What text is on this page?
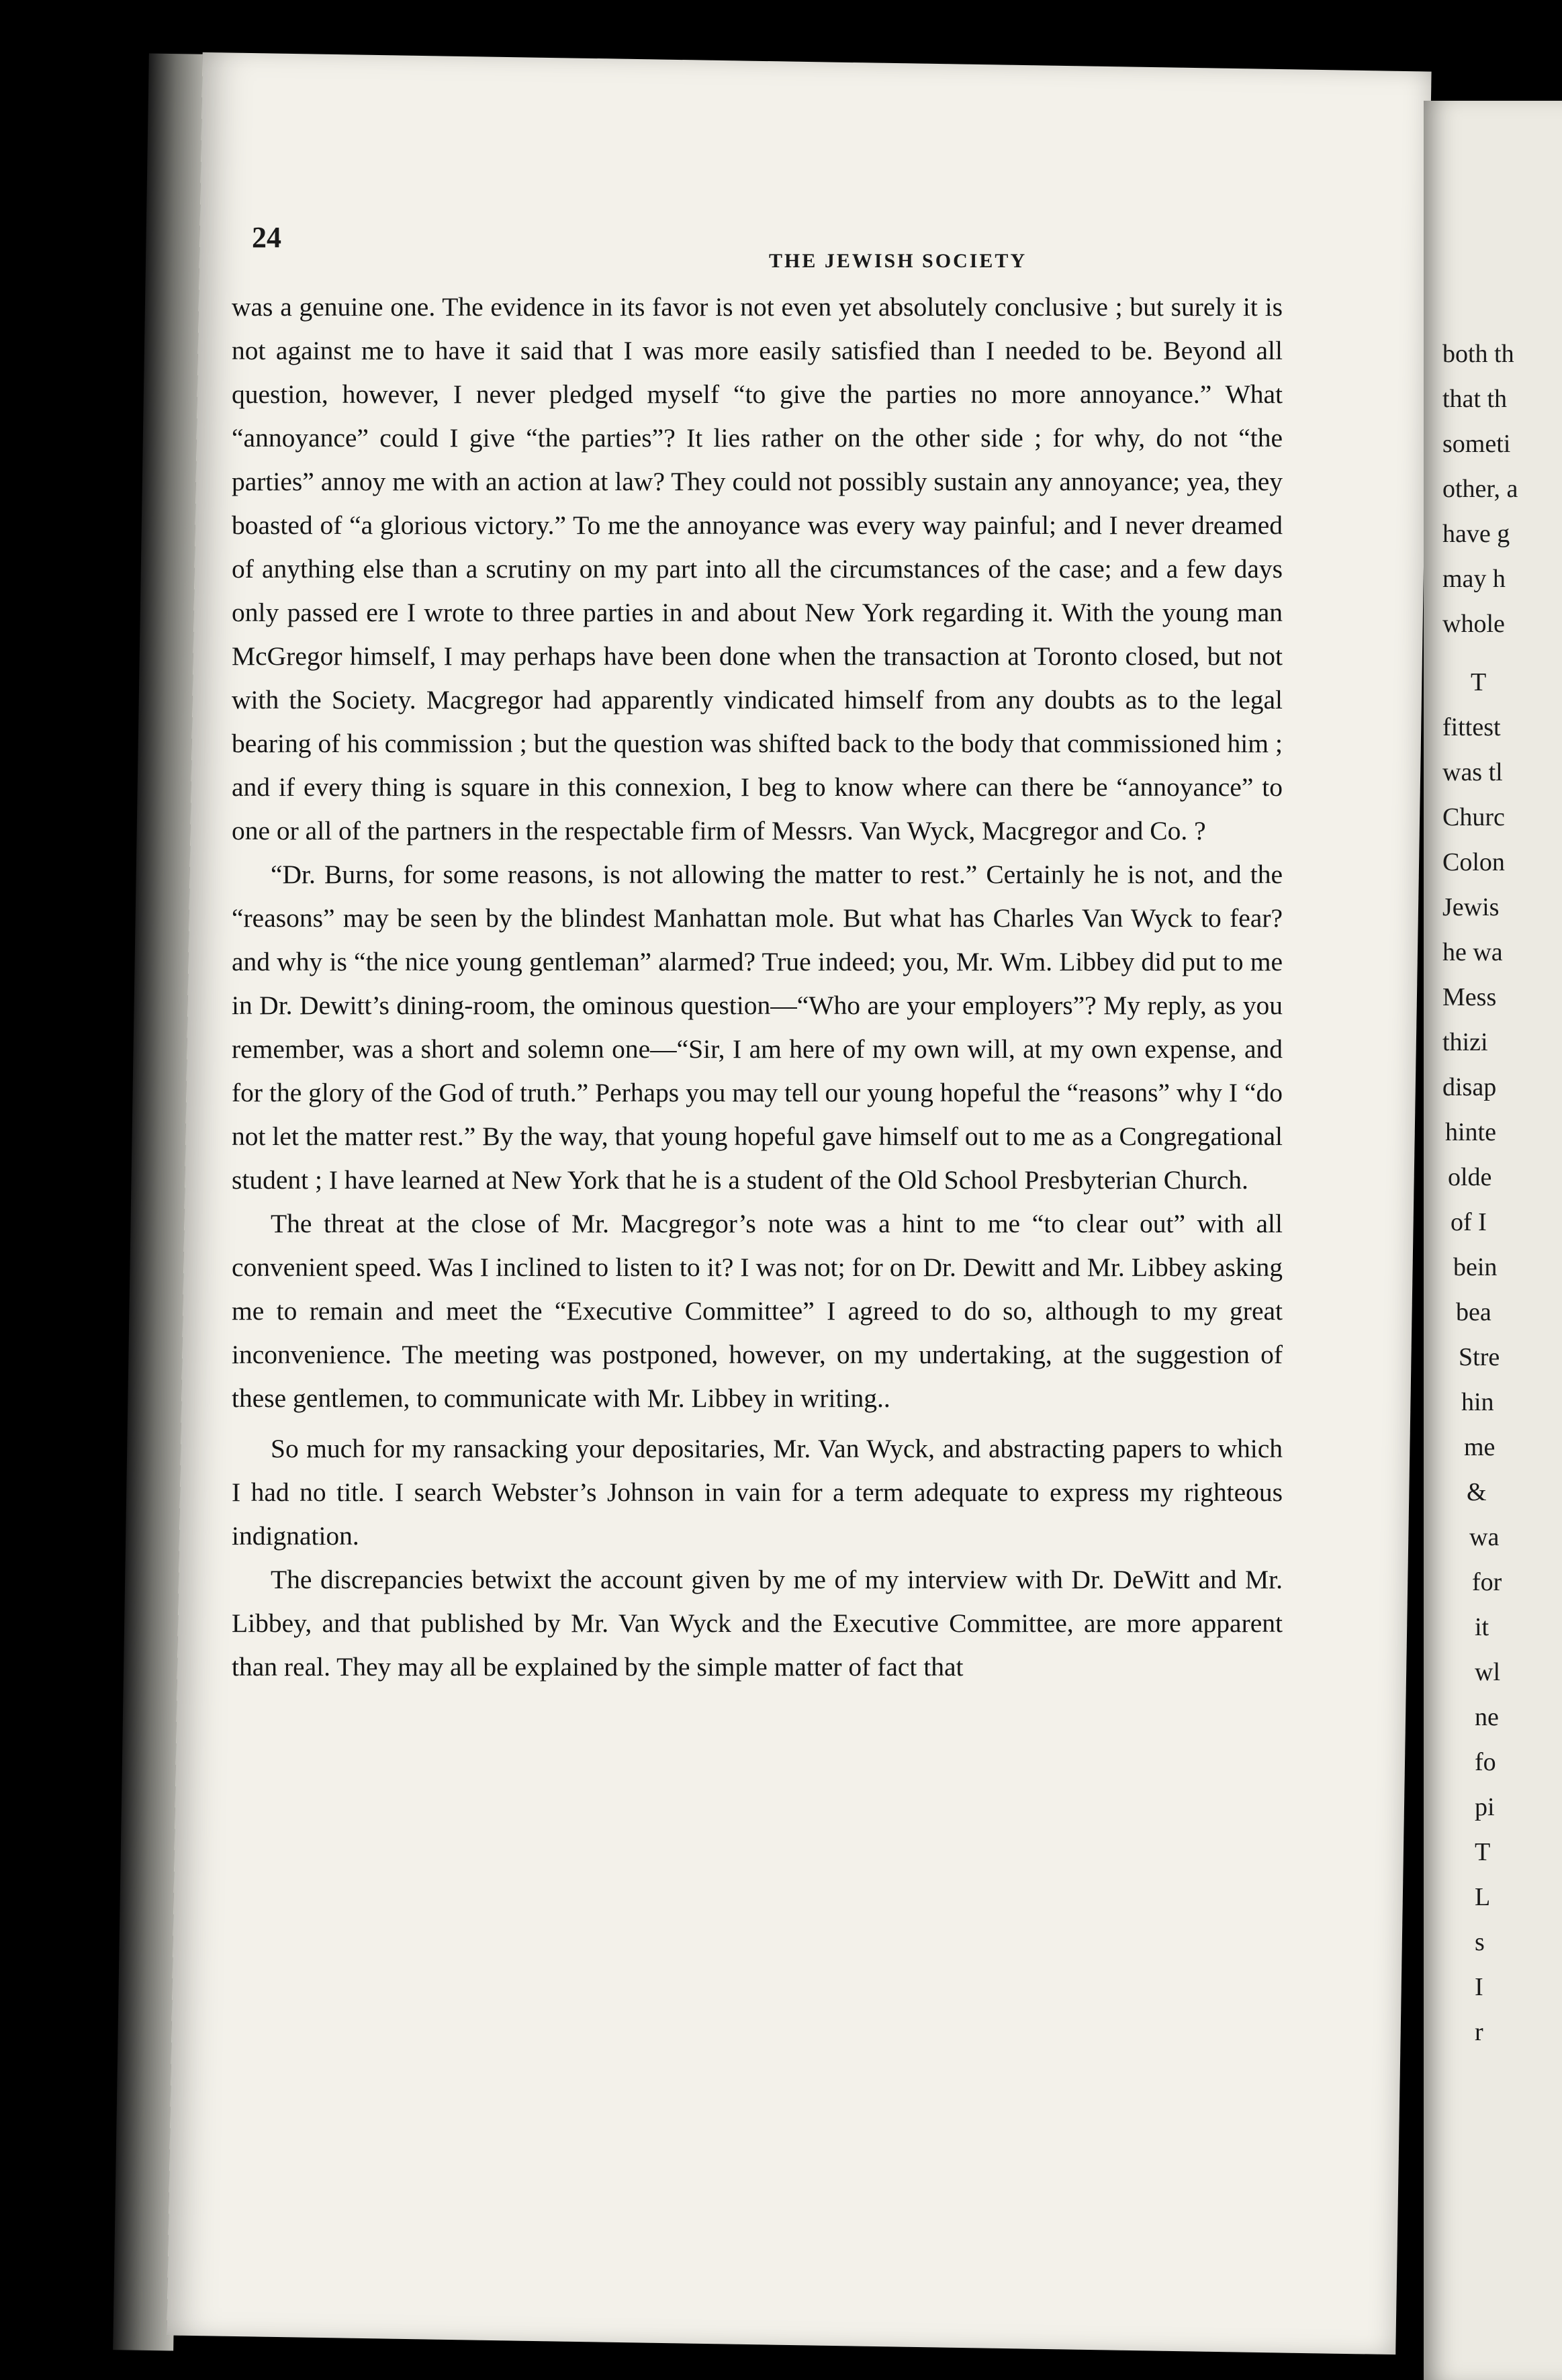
24
THE JEWISH SOCIETY

was a genuine one. The evidence in its favor is not even yet absolutely conclusive ; but surely it is not against me to have it said that I was more easily satisfied than I needed to be. Beyond all question, however, I never pledged myself “to give the parties no more annoyance.” What “annoyance” could I give “the parties”? It lies rather on the other side ; for why, do not “the parties” annoy me with an action at law? They could not possibly sustain any annoyance; yea, they boasted of “a glorious victory.” To me the annoyance was every way painful; and I never dreamed of anything else than a scrutiny on my part into all the circumstances of the case; and a few days only passed ere I wrote to three parties in and about New York regarding it. With the young man McGregor himself, I may perhaps have been done when the transaction at Toronto closed, but not with the Society. Macgregor had apparently vindicated himself from any doubts as to the legal bearing of his commission ; but the question was shifted back to the body that commissioned him ; and if every thing is square in this connexion, I beg to know where can there be “annoyance” to one or all of the partners in the respectable firm of Messrs. Van Wyck, Macgregor and Co. ?

“Dr. Burns, for some reasons, is not allowing the matter to rest.” Certainly he is not, and the “reasons” may be seen by the blindest Manhattan mole. But what has Charles Van Wyck to fear? and why is “the nice young gentleman” alarmed? True indeed; you, Mr. Wm. Libbey did put to me in Dr. Dewitt’s dining-room, the ominous question—“Who are your employers”? My reply, as you remember, was a short and solemn one—“Sir, I am here of my own will, at my own expense, and for the glory of the God of truth.” Perhaps you may tell our young hopeful the “reasons” why I “do not let the matter rest.” By the way, that young hopeful gave himself out to me as a Congregational student ; I have learned at New York that he is a student of the Old School Presbyterian Church.

The threat at the close of Mr. Macgregor’s note was a hint to me “to clear out” with all convenient speed. Was I inclined to listen to it? I was not; for on Dr. Dewitt and Mr. Libbey asking me to remain and meet the “Executive Committee” I agreed to do so, although to my great inconvenience. The meeting was postponed, however, on my undertaking, at the suggestion of these gentlemen, to communicate with Mr. Libbey in writing..

So much for my ransacking your depositaries, Mr. Van Wyck, and abstracting papers to which I had no title. I search Webster’s Johnson in vain for a term adequate to express my righteous indignation.

The discrepancies betwixt the account given by me of my interview with Dr. DeWitt and Mr. Libbey, and that published by Mr. Van Wyck and the Executive Committee, are more apparent than real. They may all be explained by the simple matter of fact that

both th
that th
someti
other, a
have g
may h
whole
T
fittest
was tl
Churc
Colon
Jewis
he wa
Mess
thizi
disap
hinte
olde
of I
bein
bea
Stre
hin
me
&
wa
for
it
wl
ne
fo
pi
T
L
s
I
r
